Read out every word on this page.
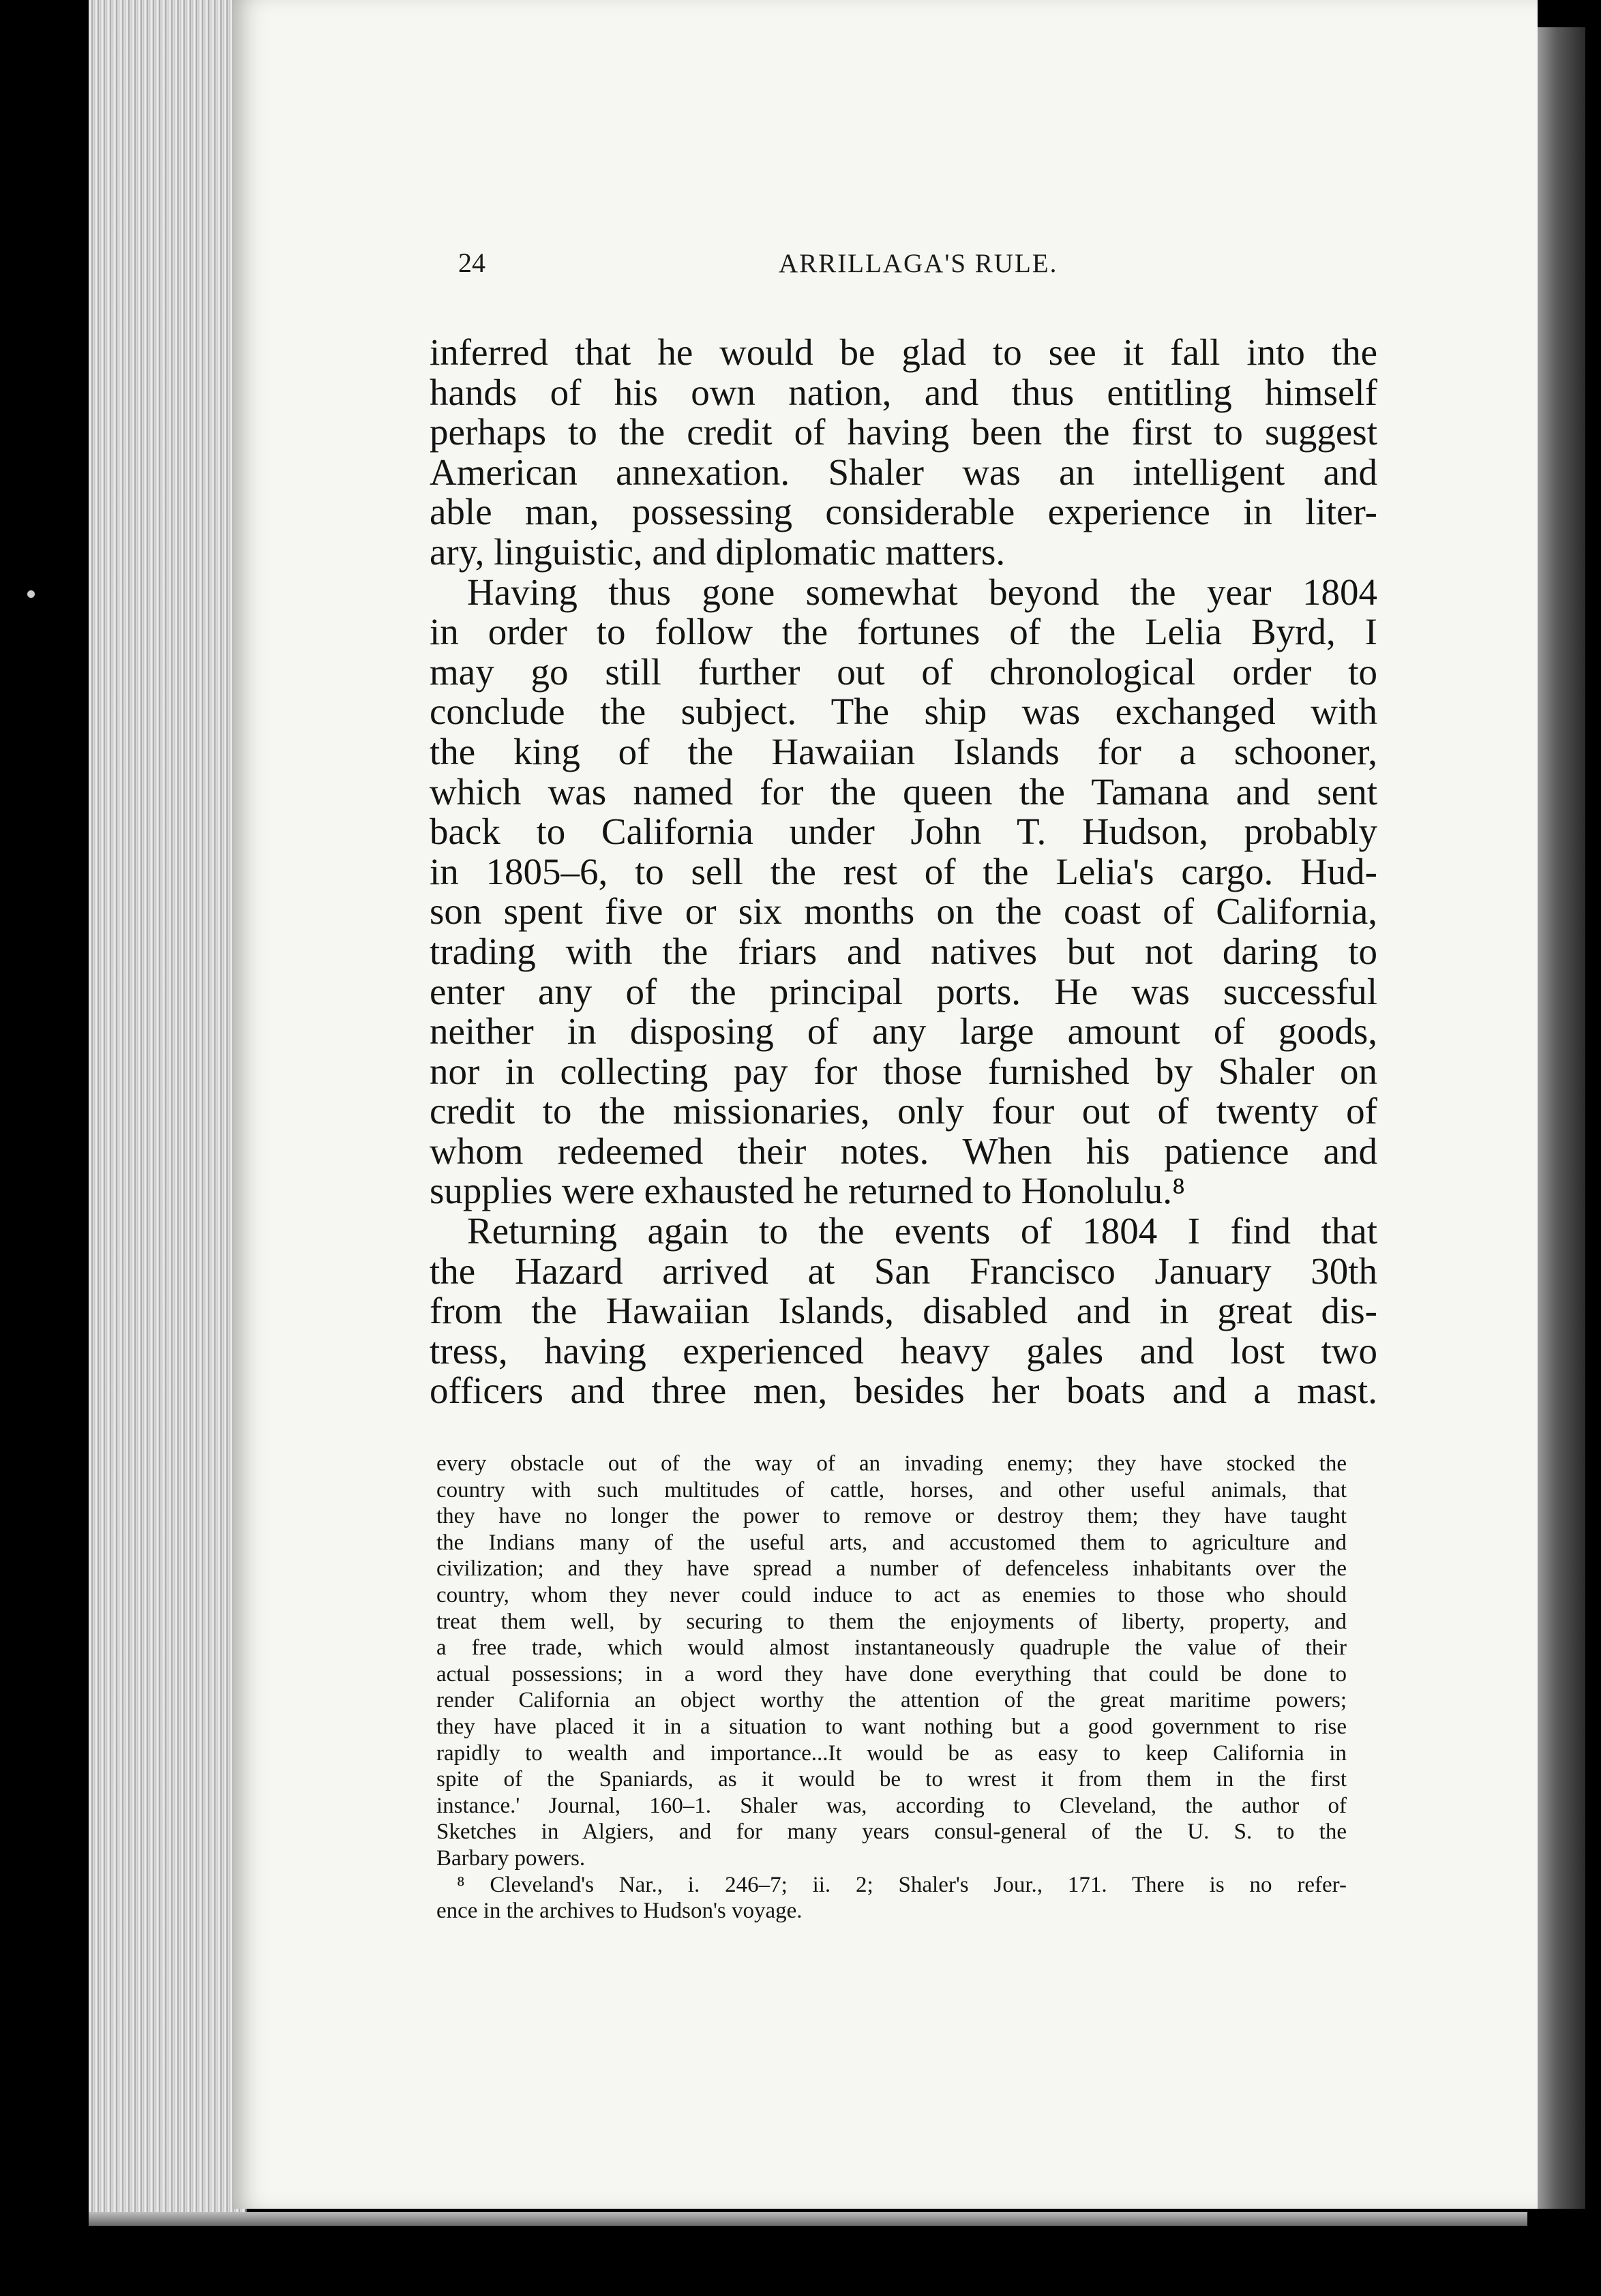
24	ARRILLAGA'S RULE.
inferred that he would be glad to see it fall into the
hands of his own nation, and thus entitling himself
perhaps to the credit of having been the first to suggest
American annexation. Shaler was an intelligent and
able man, possessing considerable experience in liter-
ary, linguistic, and diplomatic matters.
Having thus gone somewhat beyond the year 1804
in order to follow the fortunes of the Lelia Byrd, I
may go still further out of chronological order to
conclude the subject. The ship was exchanged with
the king of the Hawaiian Islands for a schooner,
which was named for the queen the Tamana and sent
back to California under John T. Hudson, probably
in 1805–6, to sell the rest of the Lelia's cargo. Hud-
son spent five or six months on the coast of California,
trading with the friars and natives but not daring to
enter any of the principal ports. He was successful
neither in disposing of any large amount of goods,
nor in collecting pay for those furnished by Shaler on
credit to the missionaries, only four out of twenty of
whom redeemed their notes. When his patience and
supplies were exhausted he returned to Honolulu.⁸
Returning again to the events of 1804 I find that
the Hazard arrived at San Francisco January 30th
from the Hawaiian Islands, disabled and in great dis-
tress, having experienced heavy gales and lost two
officers and three men, besides her boats and a mast.
every obstacle out of the way of an invading enemy; they have stocked the
country with such multitudes of cattle, horses, and other useful animals, that
they have no longer the power to remove or destroy them; they have taught
the Indians many of the useful arts, and accustomed them to agriculture and
civilization; and they have spread a number of defenceless inhabitants over the
country, whom they never could induce to act as enemies to those who should
treat them well, by securing to them the enjoyments of liberty, property, and
a free trade, which would almost instantaneously quadruple the value of their
actual possessions; in a word they have done everything that could be done to
render California an object worthy the attention of the great maritime powers;
they have placed it in a situation to want nothing but a good government to rise
rapidly to wealth and importance...It would be as easy to keep California in
spite of the Spaniards, as it would be to wrest it from them in the first
instance.' Journal, 160–1. Shaler was, according to Cleveland, the author of
Sketches in Algiers, and for many years consul-general of the U. S. to the
Barbary powers.
⁸ Cleveland's Nar., i. 246–7; ii. 2; Shaler's Jour., 171. There is no refer-
ence in the archives to Hudson's voyage.
